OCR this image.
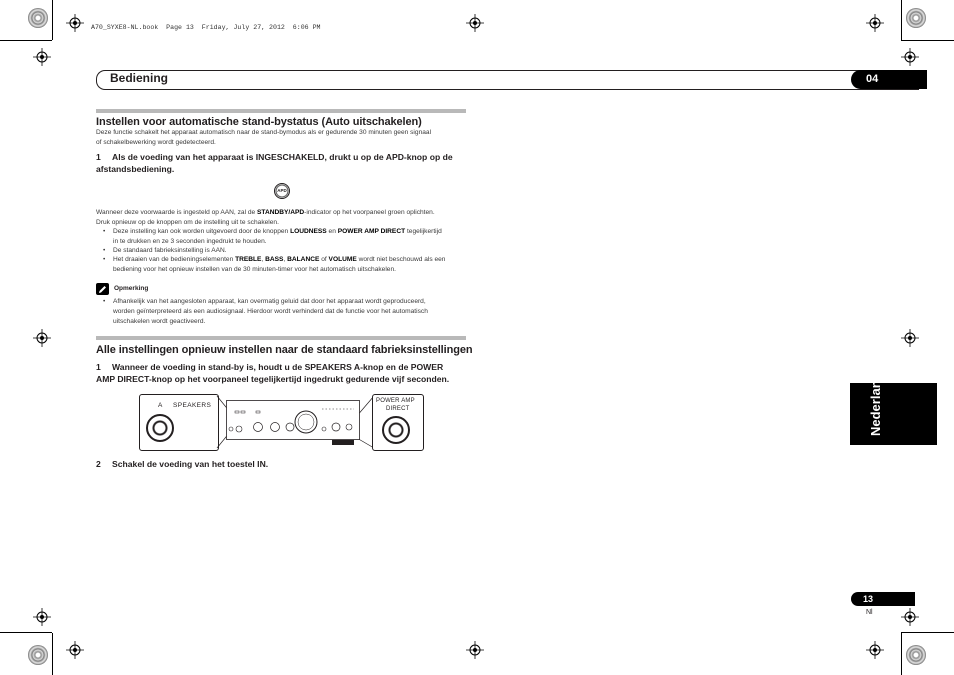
A70_SYXE8-NL.book  Page 13  Friday, July 27, 2012  6:06 PM
Bediening	04
Nederlands
Instellen voor automatische stand-bystatus (Auto uitschakelen)
Deze functie schakelt het apparaat automatisch naar de stand-bymodus als er gedurende 30 minuten geen signaal
of schakelbewerking wordt gedetecteerd.
1 Als de voeding van het apparaat is INGESCHAKELD, drukt u op de APD-knop op de
afstandsbediening.
APD
Wanneer deze voorwaarde is ingesteld op AAN, zal de STANDBY/APD-indicator op het voorpaneel groen oplichten.
Druk opnieuw op de knoppen om de instelling uit te schakelen.
• Deze instelling kan ook worden uitgevoerd door de knoppen LOUDNESS en POWER AMP DIRECT tegelijkertijd
in te drukken en ze 3 seconden ingedrukt te houden.
• De standaard fabrieksinstelling is AAN.
• Het draaien van de bedieningselementen TREBLE, BASS, BALANCE of VOLUME wordt niet beschouwd als een
bediening voor het opnieuw instellen van de 30 minuten-timer voor het automatisch uitschakelen.
Opmerking
• Afhankelijk van het aangesloten apparaat, kan overmatig geluid dat door het apparaat wordt geproduceerd,
worden geïnterpreteerd als een audiosignaal. Hierdoor wordt verhinderd dat de functie voor het automatisch
uitschakelen wordt geactiveerd.
Alle instellingen opnieuw instellen naar de standaard fabrieksinstellingen
1 Wanneer de voeding in stand-by is, houdt u de SPEAKERS A-knop en de POWER
AMP DIRECT-knop op het voorpaneel tegelijkertijd ingedrukt gedurende vijf seconden.
A SPEAKERS
POWER AMP
DIRECT
2 Schakel de voeding van het toestel IN.
13
Nl
